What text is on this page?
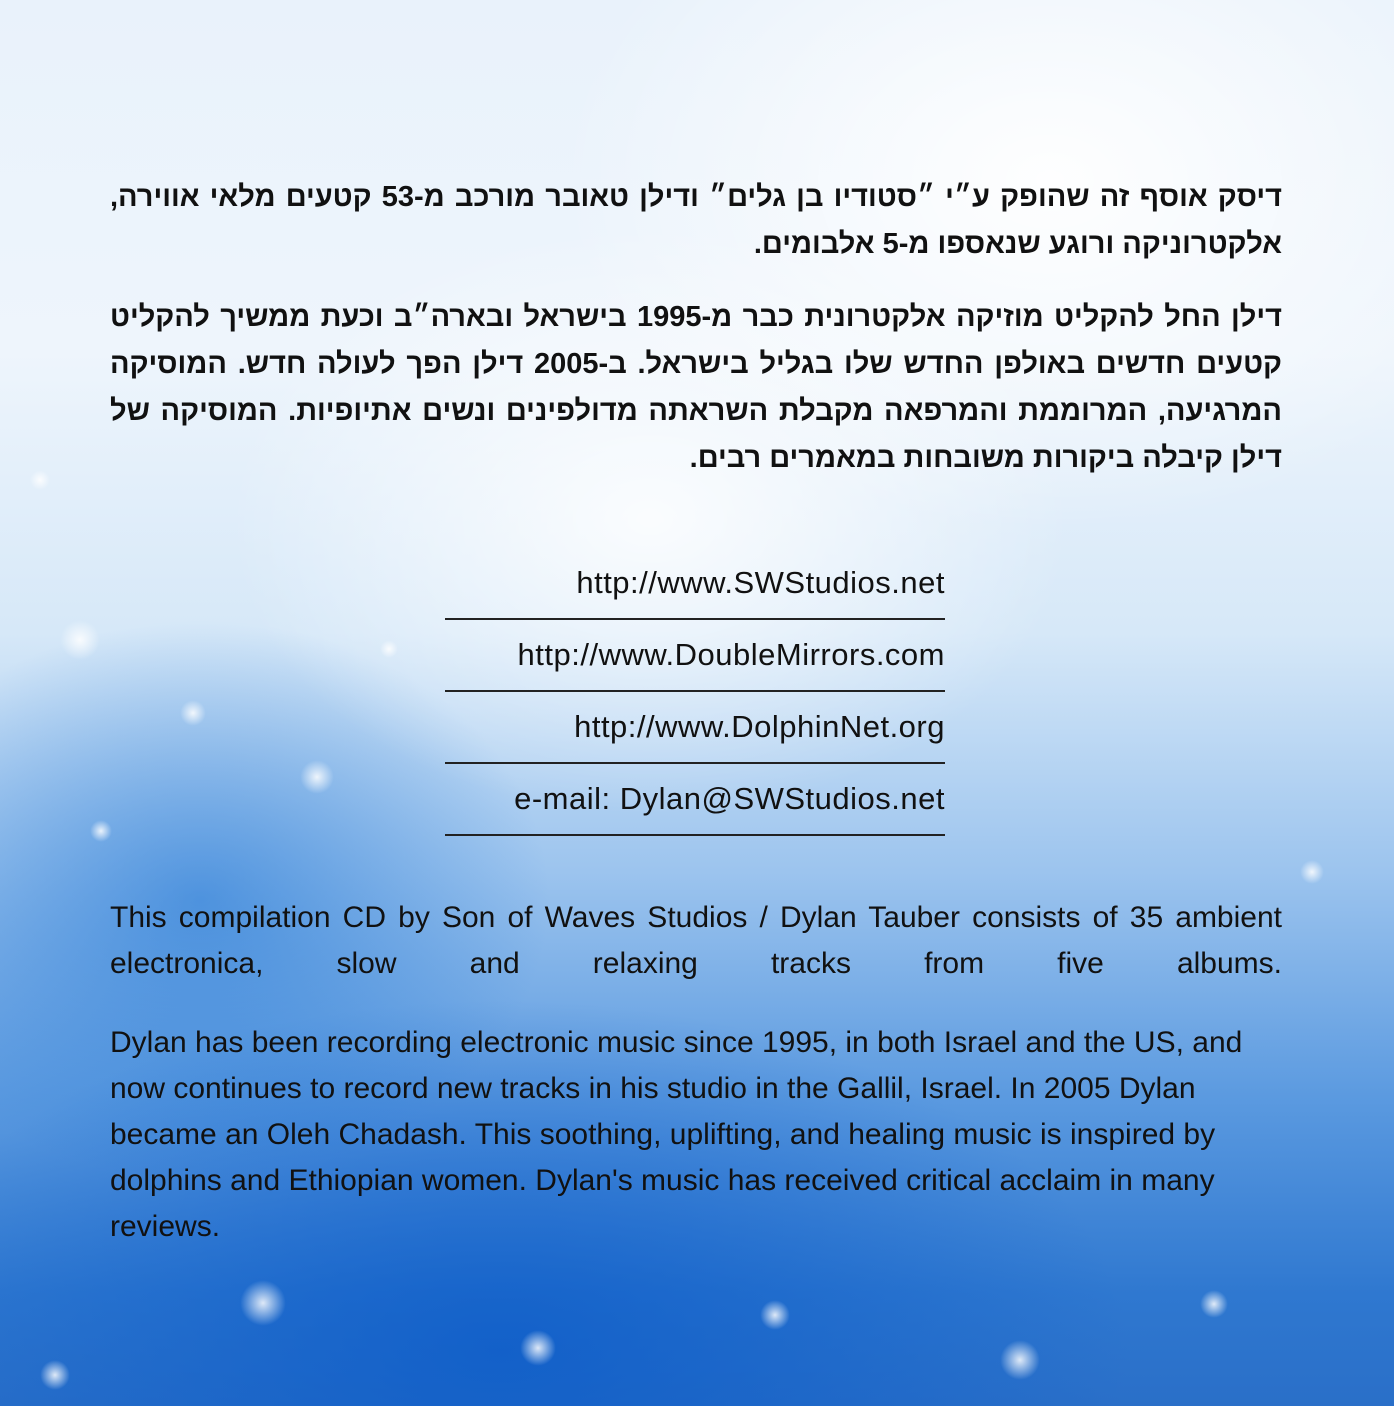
דיסק אוסף זה שהופק ע״י ״סטודיו בן גלים״ ודילן טאובר מורכב מ-53 קטעים מלאי אווירה, אלקטרוניקה ורוגע שנאספו מ-5 אלבומים.
דילן החל להקליט מוזיקה אלקטרונית כבר מ-1995 בישראל ובארה״ב וכעת ממשיך להקליט קטעים חדשים באולפן החדש שלו בגליל בישראל. ב-2005 דילן הפך לעולה חדש. המוסיקה המרגיעה, המרוממת והמרפאה מקבלת השראתה מדולפינים ונשים אתיופיות. המוסיקה של דילן קיבלה ביקורות משובחות במאמרים רבים.
http://www.SWStudios.net
http://www.DoubleMirrors.com
http://www.DolphinNet.org
e-mail: Dylan@SWStudios.net
This compilation CD by Son of Waves Studios / Dylan Tauber consists of 35 ambient electronica, slow and relaxing tracks from five albums.
Dylan has been recording electronic music since 1995, in both Israel and the US, and now continues to record new tracks in his studio in the Gallil, Israel. In 2005 Dylan became an Oleh Chadash. This soothing, uplifting, and healing music is inspired by dolphins and Ethiopian women. Dylan's music has received critical acclaim in many reviews.
